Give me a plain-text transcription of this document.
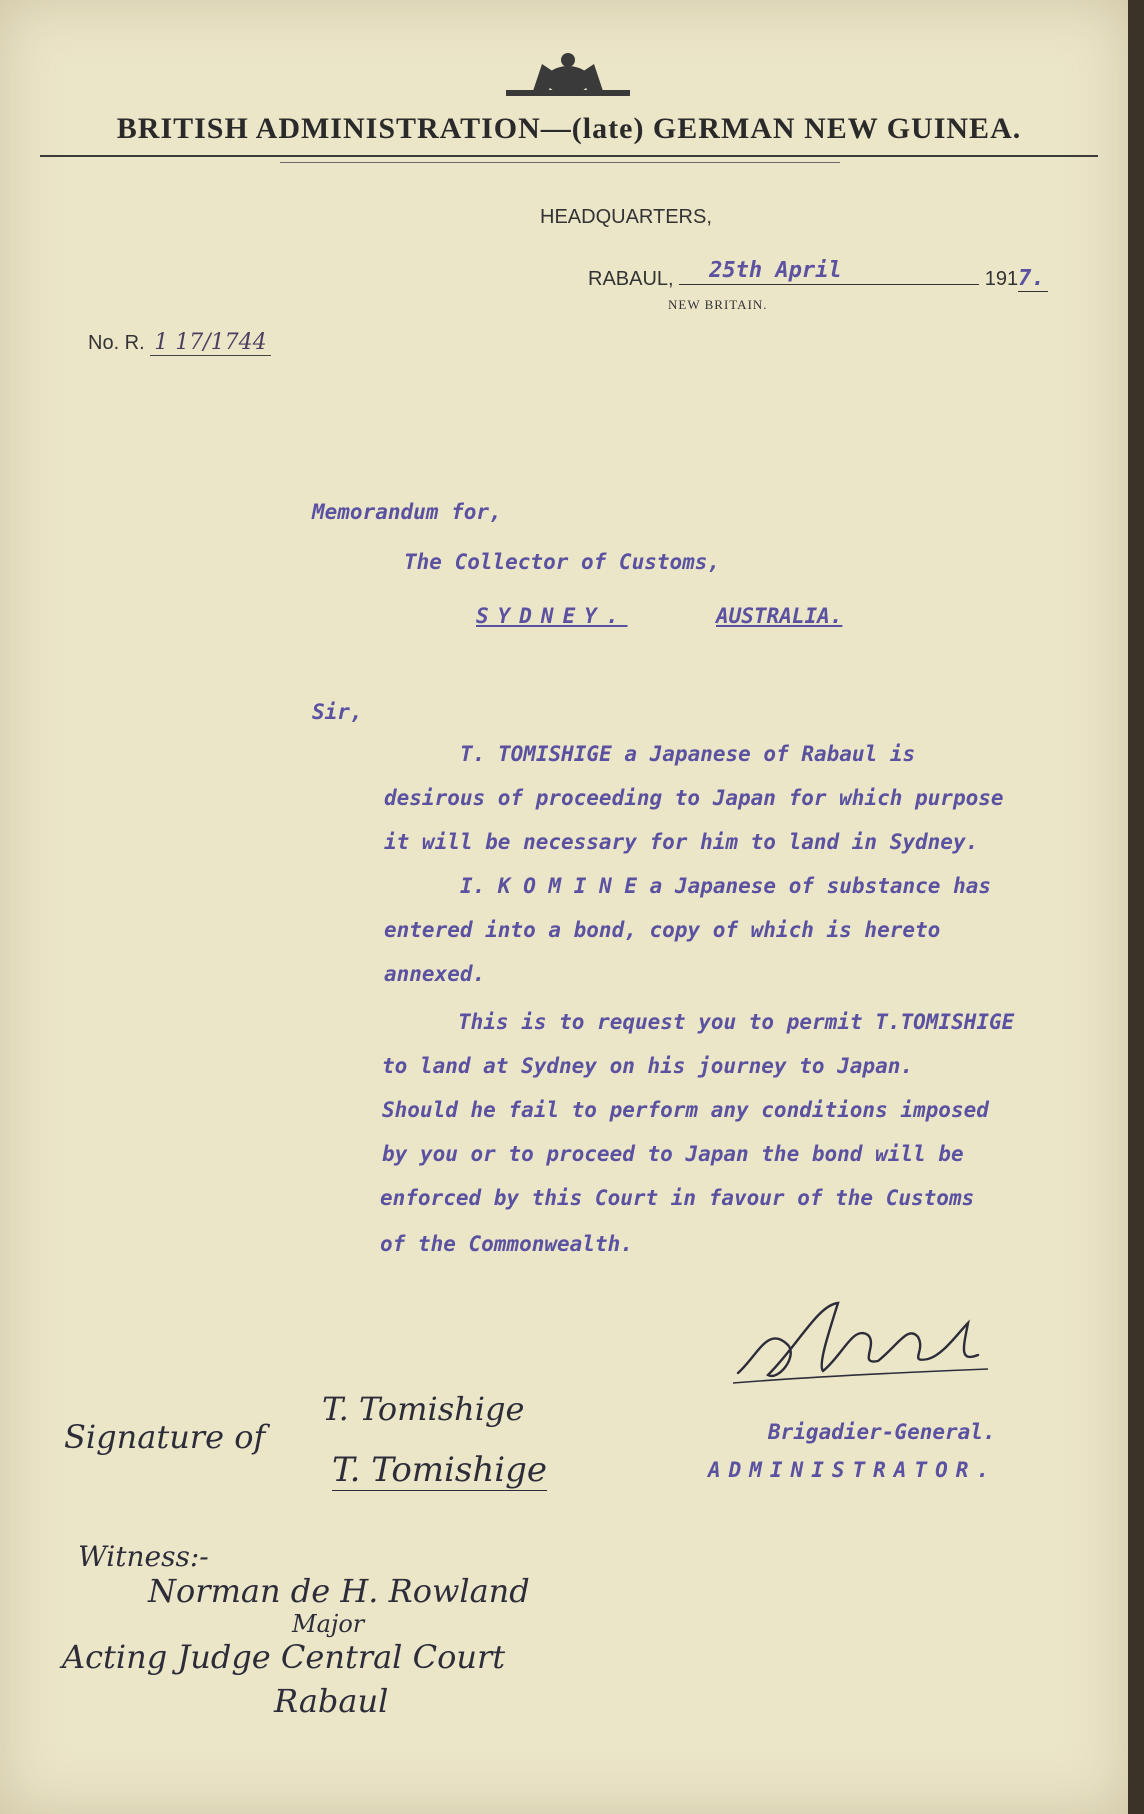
BRITISH ADMINISTRATION—(late) GERMAN NEW GUINEA.
HEADQUARTERS,
RABAUL, 25th April	1917.
NEW BRITAIN.
No. R. 1 17/1744
Memorandum for,
The Collector of Customs,
SYDNEY.	AUSTRALIA.
Sir,
T. TOMISHIGE a Japanese of Rabaul is
desirous of proceeding to Japan for which purpose
it will be necessary for him to land in Sydney.
I. K O M I N E a Japanese of substance has
entered into a bond, copy of which is hereto
annexed.
This is to request you to permit T.TOMISHIGE
to land at Sydney on his journey to Japan.
Should he fail to perform any conditions imposed
by you or to proceed to Japan the bond will be
enforced by this Court in favour of the Customs
of the Commonwealth.
Brigadier-General.
ADMINISTRATOR.
Signature of
T. Tomishige
T. Tomishige
Witness:-
Norman de H. Rowland
Major
Acting Judge Central Court
Rabaul
